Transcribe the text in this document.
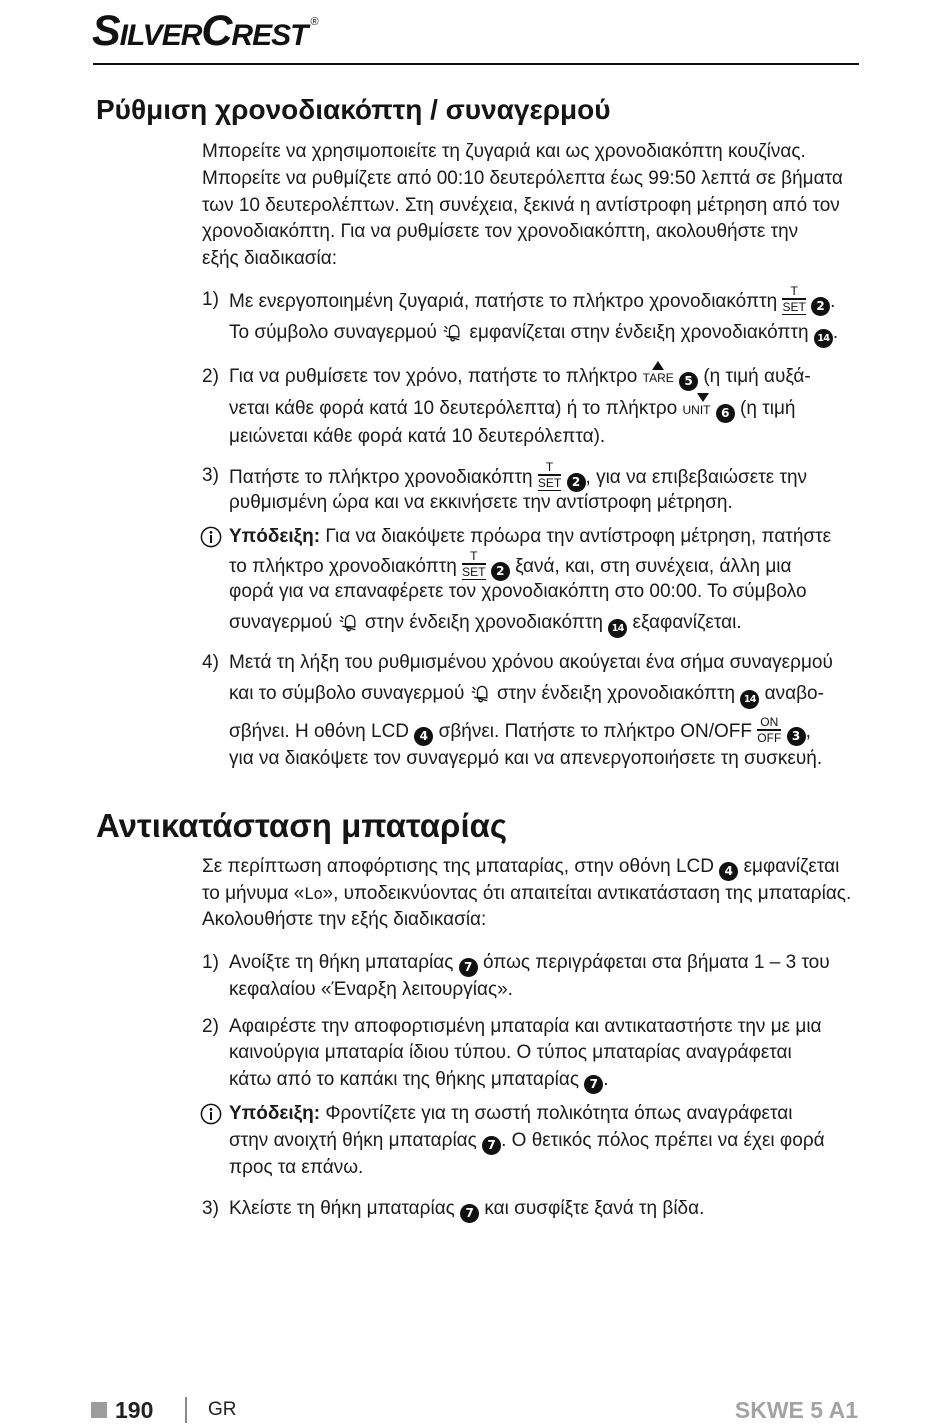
SilverCrest ®
Ρύθμιση χρονοδιακόπτη / συναγερμού
Μπορείτε να χρησιμοποιείτε τη ζυγαριά και ως χρονοδιακόπτη κουζίνας.
Μπορείτε να ρυθμίζετε από 00:10 δευτερόλεπτα έως 99:50 λεπτά σε βήματα
των 10 δευτερολέπτων. Στη συνέχεια, ξεκινά η αντίστροφη μέτρηση από τον
χρονοδιακόπτη. Για να ρυθμίσετε τον χρονοδιακόπτη, ακολουθήστε την
εξής διαδικασία:
1) Με ενεργοποιημένη ζυγαριά, πατήστε το πλήκτρο χρονοδιακόπτη T
SET 2 .
Το σύμβολο συναγερμού εμφανίζεται στην ένδειξη χρονοδιακόπτη 14 .
2) Για να ρυθμίσετε τον χρόνο, πατήστε το πλήκτρο TARE 5 (η τιμή αυξά-
νεται κάθε φορά κατά 10 δευτερόλεπτα) ή το πλήκτρο UNIT 6 (η τιμή
μειώνεται κάθε φορά κατά 10 δευτερόλεπτα).
3) Πατήστε το πλήκτρο χρονοδιακόπτη T
SET 2 , για να επιβεβαιώσετε την
ρυθμισμένη ώρα και να εκκινήσετε την αντίστροφη μέτρηση.
Υπόδειξη: Για να διακόψετε πρόωρα την αντίστροφη μέτρηση, πατήστε
το πλήκτρο χρονοδιακόπτη T
SET 2 ξανά, και, στη συνέχεια, άλλη μια
φορά για να επαναφέρετε τον χρονοδιακόπτη στο 00:00. Το σύμβολο
συναγερμού στην ένδειξη χρονοδιακόπτη 14 εξαφανίζεται.
4) Μετά τη λήξη του ρυθμισμένου χρόνου ακούγεται ένα σήμα συναγερμού
και το σύμβολο συναγερμού στην ένδειξη χρονοδιακόπτη 14 αναβο-
σβήνει. Η οθόνη LCD 4 σβήνει. Πατήστε το πλήκτρο ON/OFF ON
OFF 3 ,
για να διακόψετε τον συναγερμό και να απενεργοποιήσετε τη συσκευή.
Αντικατάσταση μπαταρίας
Σε περίπτωση αποφόρτισης της μπαταρίας, στην οθόνη LCD 4 εμφανίζεται
το μήνυμα «Lo», υποδεικνύοντας ότι απαιτείται αντικατάσταση της μπαταρίας.
Ακολουθήστε την εξής διαδικασία:
1) Ανοίξτε τη θήκη μπαταρίας 7 όπως περιγράφεται στα βήματα 1 – 3 του
κεφαλαίου «Έναρξη λειτουργίας».
2) Αφαιρέστε την αποφορτισμένη μπαταρία και αντικαταστήστε την με μια
καινούργια μπαταρία ίδιου τύπου. Ο τύπος μπαταρίας αναγράφεται
κάτω από το καπάκι της θήκης μπαταρίας 7 .
Υπόδειξη: Φροντίζετε για τη σωστή πολικότητα όπως αναγράφεται
στην ανοιχτή θήκη μπαταρίας 7 . Ο θετικός πόλος πρέπει να έχει φορά
προς τα επάνω.
3) Κλείστε τη θήκη μπαταρίας 7 και συσφίξτε ξανά τη βίδα.
190	GR	SKWE 5 A1
